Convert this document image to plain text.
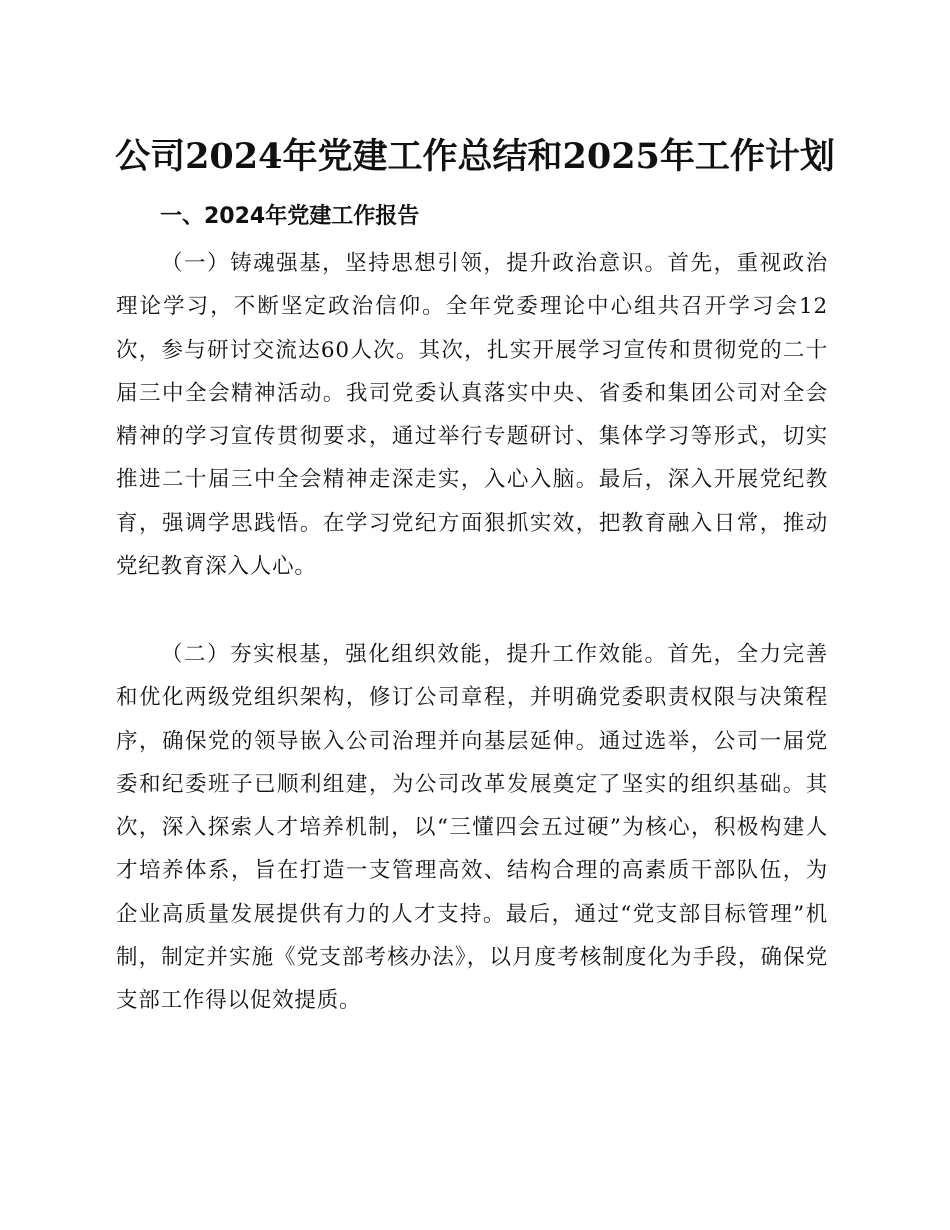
公司2024年党建工作总结和2025年工作计划
一、2024年党建工作报告

（一）铸魂强基，坚持思想引领，提升政治意识。首先，重视政治理论学习，不断坚定政治信仰。全年党委理论中心组共召开学习会12次，参与研讨交流达60人次。其次，扎实开展学习宣传和贯彻党的二十届三中全会精神活动。我司党委认真落实中央、省委和集团公司对全会精神的学习宣传贯彻要求，通过举行专题研讨、集体学习等形式，切实推进二十届三中全会精神走深走实，入心入脑。最后，深入开展党纪教育，强调学思践悟。在学习党纪方面狠抓实效，把教育融入日常，推动党纪教育深入人心。

（二）夯实根基，强化组织效能，提升工作效能。首先，全力完善和优化两级党组织架构，修订公司章程，并明确党委职责权限与决策程序，确保党的领导嵌入公司治理并向基层延伸。通过选举，公司一届党委和纪委班子已顺利组建，为公司改革发展奠定了坚实的组织基础。其次，深入探索人才培养机制，以“三懂四会五过硬”为核心，积极构建人才培养体系，旨在打造一支管理高效、结构合理的高素质干部队伍，为企业高质量发展提供有力的人才支持。最后，通过“党支部目标管理”机制，制定并实施《党支部考核办法》，以月度考核制度化为手段，确保党支部工作得以促效提质。
